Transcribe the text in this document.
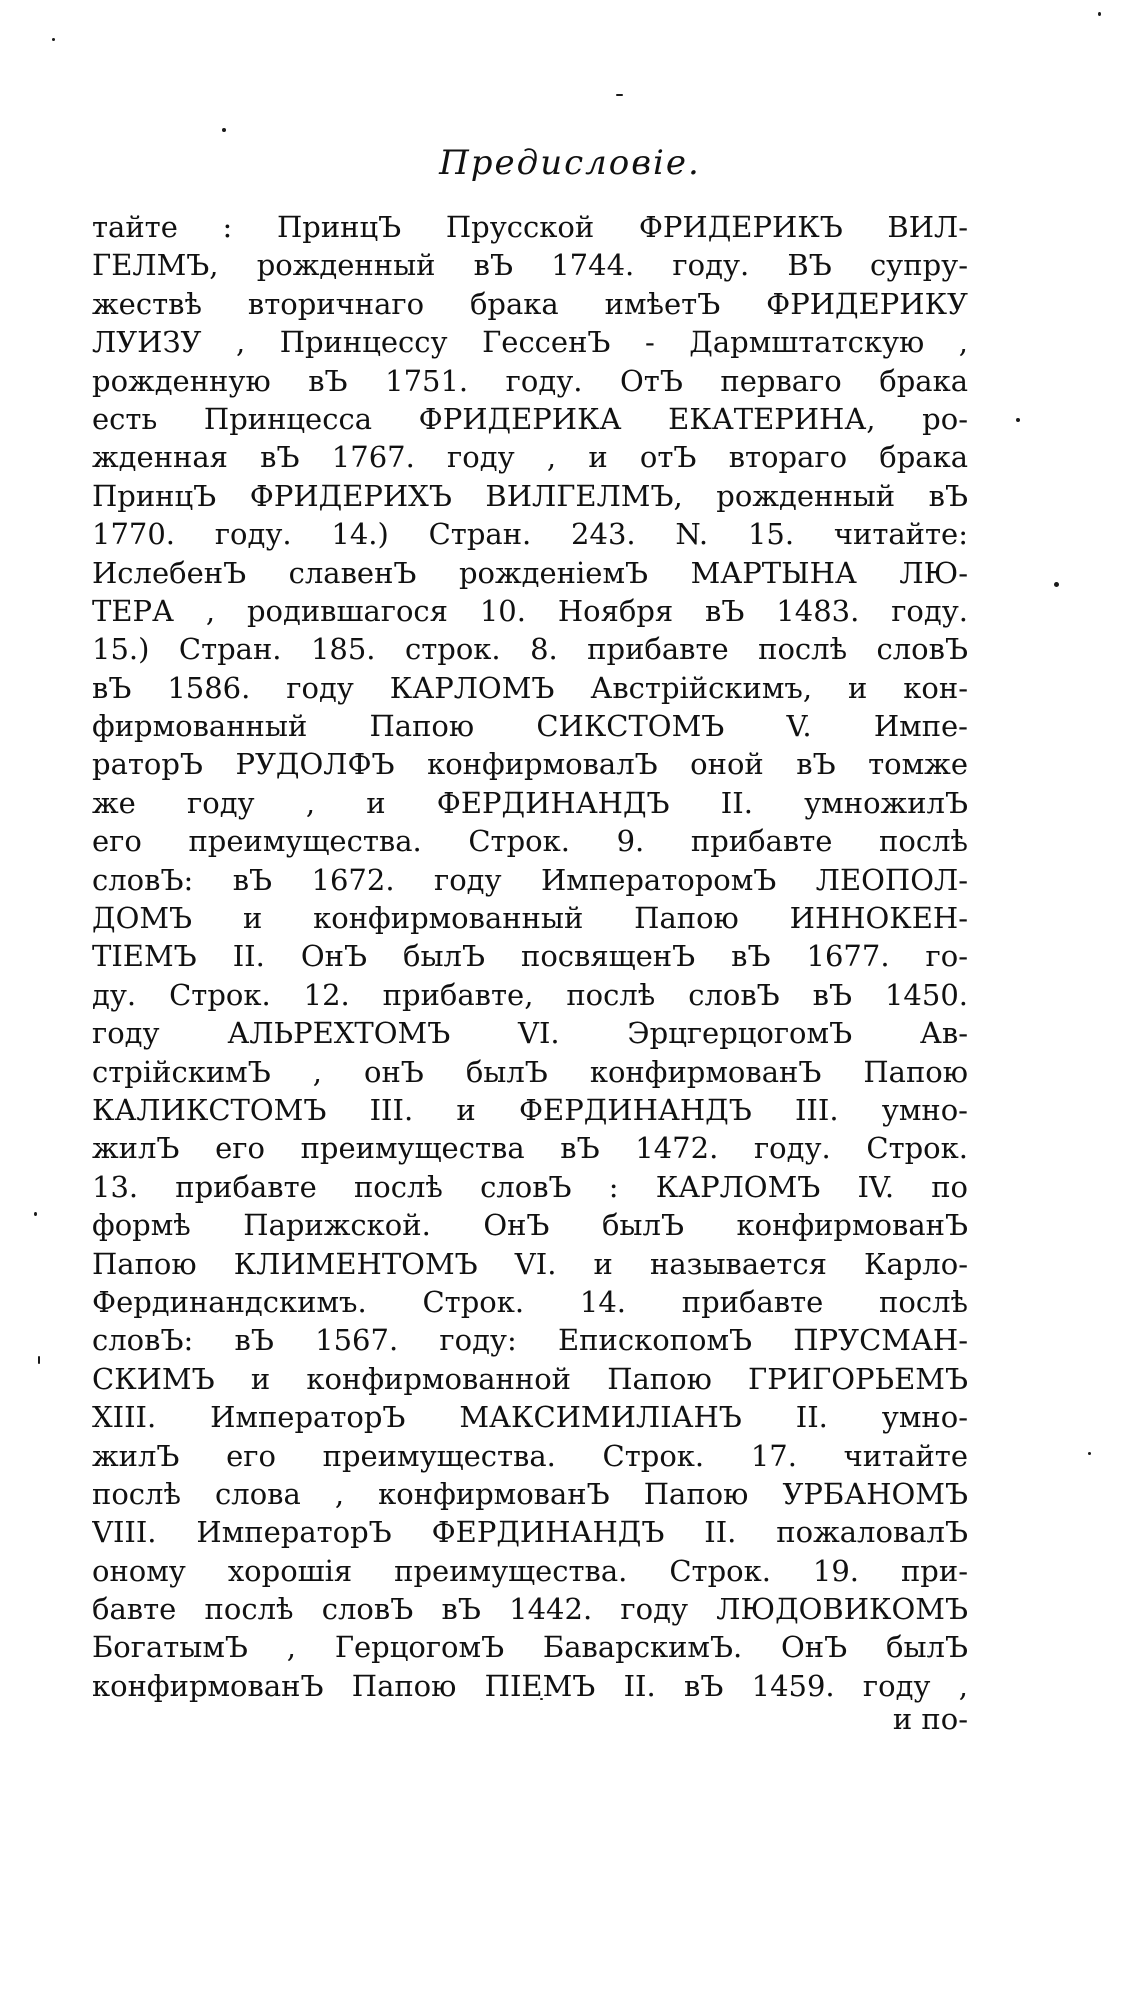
Предисловіе.
тайте : ПринцЪ Прусской ФРИДЕРИКЪ ВИЛ-
ГЕЛМЪ, рожденный вЪ 1744. году. ВЪ супру-
жествѣ вторичнаго брака имѣетЪ ФРИДЕРИКУ
ЛУИЗУ , Принцессу ГессенЪ - Дармштатскую ,
рожденную вЪ 1751. году. ОтЪ перваго брака
есть Принцесса ФРИДЕРИКА ЕКАТЕРИНА, ро-
жденная вЪ 1767. году , и отЪ втораго брака
ПринцЪ ФРИДЕРИХЪ ВИЛГЕЛМЪ, рожденный вЪ
1770. году. 14.) Стран. 243. N. 15. читайте:
ИслебенЪ славенЪ рожденіемЪ МАРТЫНА ЛЮ-
ТЕРА , родившагося 10. Ноября вЪ 1483. году.
15.) Стран. 185. строк. 8. прибавте послѣ словЪ
вЪ 1586. году КАРЛОМЪ Австрійскимъ, и кон-
фирмованный Папою СИКСТОМЪ V. Импе-
раторЪ РУДОЛФЪ конфирмовалЪ оной вЪ томже
же году , и ФЕРДИНАНДЪ II. умножилЪ
его преимущества. Строк. 9. прибавте послѣ
словЪ: вЪ 1672. году ИмператоромЪ ЛЕОПОЛ-
ДОМЪ и конфирмованный Папою ИННОКЕН-
ТІЕМЪ II. ОнЪ былЪ посвященЪ вЪ 1677. го-
ду. Строк. 12. прибавте, послѣ словЪ вЪ 1450.
году АЛЬРЕХТОМЪ VI. ЭрцгерцогомЪ Ав-
стрійскимЪ , онЪ былЪ конфирмованЪ Папою
КАЛИКСТОМЪ III. и ФЕРДИНАНДЪ III. умно-
жилЪ его преимущества вЪ 1472. году. Строк.
13. прибавте послѣ словЪ : КАРЛОМЪ IV. по
формѣ Парижской. ОнЪ былЪ конфирмованЪ
Папою КЛИМЕНТОМЪ VI. и называется Карло-
Фердинандскимъ. Строк. 14. прибавте послѣ
словЪ: вЪ 1567. году: ЕпископомЪ ПРУСМАН-
СКИМЪ и конфирмованной Папою ГРИГОРЬЕМЪ
XIII. ИмператорЪ МАКСИМИЛІАНЪ II. умно-
жилЪ его преимущества. Строк. 17. читайте
послѣ слова , конфирмованЪ Папою УРБАНОМЪ
VIII. ИмператорЪ ФЕРДИНАНДЪ II. пожаловалЪ
оному хорошія преимущества. Строк. 19. при-
бавте послѣ словЪ вЪ 1442. году ЛЮДОВИКОМЪ
БогатымЪ , ГерцогомЪ БаварскимЪ. ОнЪ былЪ
конфирмованЪ Папою ПІЕМЪ II. вЪ 1459. году ,
и по-
